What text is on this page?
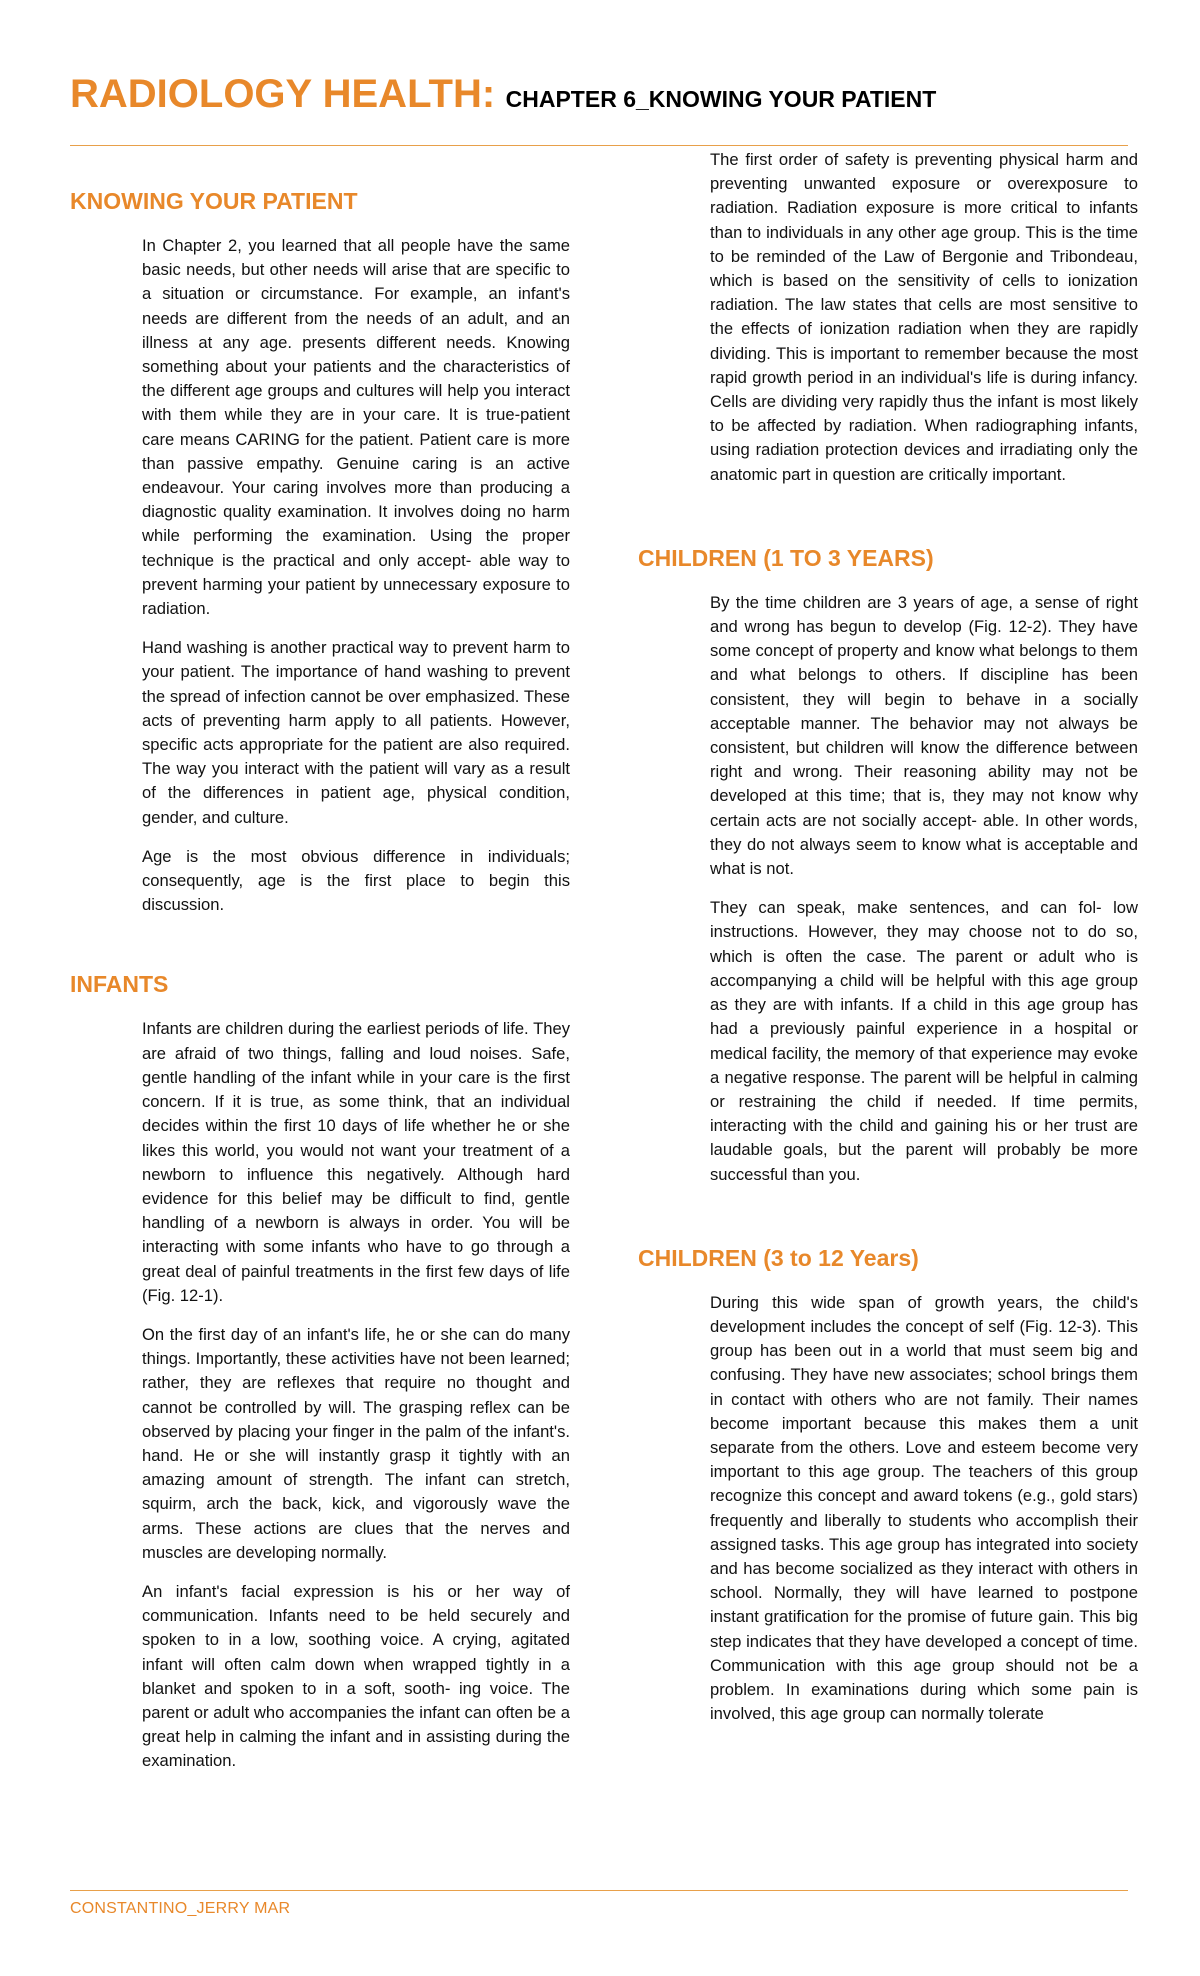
RADIOLOGY HEALTH: CHAPTER 6_KNOWING YOUR PATIENT
KNOWING YOUR PATIENT

In Chapter 2, you learned that all people have the same basic needs, but other needs will arise that are specific to a situation or circumstance. For example, an infant's needs are different from the needs of an adult, and an illness at any age. presents different needs. Knowing something about your patients and the characteristics of the different age groups and cultures will help you interact with them while they are in your care. It is true-patient care means CARING for the patient. Patient care is more than passive empathy. Genuine caring is an active endeavour. Your caring involves more than producing a diagnostic quality examination. It involves doing no harm while performing the examination. Using the proper technique is the practical and only accept- able way to prevent harming your patient by unnecessary exposure to radiation.

Hand washing is another practical way to prevent harm to your patient. The importance of hand washing to prevent the spread of infection cannot be over emphasized. These acts of preventing harm apply to all patients. However, specific acts appropriate for the patient are also required. The way you interact with the patient will vary as a result of the differences in patient age, physical condition, gender, and culture.

Age is the most obvious difference in individuals; consequently, age is the first place to begin this discussion.

INFANTS

Infants are children during the earliest periods of life. They are afraid of two things, falling and loud noises. Safe, gentle handling of the infant while in your care is the first concern. If it is true, as some think, that an individual decides within the first 10 days of life whether he or she likes this world, you would not want your treatment of a newborn to influence this negatively. Although hard evidence for this belief may be difficult to find, gentle handling of a newborn is always in order. You will be interacting with some infants who have to go through a great deal of painful treatments in the first few days of life (Fig. 12-1).

On the first day of an infant's life, he or she can do many things. Importantly, these activities have not been learned; rather, they are reflexes that require no thought and cannot be controlled by will. The grasping reflex can be observed by placing your finger in the palm of the infant's. hand. He or she will instantly grasp it tightly with an amazing amount of strength. The infant can stretch, squirm, arch the back, kick, and vigorously wave the arms. These actions are clues that the nerves and muscles are developing normally.

An infant's facial expression is his or her way of communication. Infants need to be held securely and spoken to in a low, soothing voice. A crying, agitated infant will often calm down when wrapped tightly in a blanket and spoken to in a soft, sooth- ing voice. The parent or adult who accompanies the infant can often be a great help in calming the infant and in assisting during the examination.

The first order of safety is preventing physical harm and preventing unwanted exposure or overexposure to radiation. Radiation exposure is more critical to infants than to individuals in any other age group. This is the time to be reminded of the Law of Bergonie and Tribondeau, which is based on the sensitivity of cells to ionization radiation. The law states that cells are most sensitive to the effects of ionization radiation when they are rapidly dividing. This is important to remember because the most rapid growth period in an individual's life is during infancy. Cells are dividing very rapidly thus the infant is most likely to be affected by radiation. When radiographing infants, using radiation protection devices and irradiating only the anatomic part in question are critically important.

CHILDREN (1 TO 3 YEARS)

By the time children are 3 years of age, a sense of right and wrong has begun to develop (Fig. 12-2). They have some concept of property and know what belongs to them and what belongs to others. If discipline has been consistent, they will begin to behave in a socially acceptable manner. The behavior may not always be consistent, but children will know the difference between right and wrong. Their reasoning ability may not be developed at this time; that is, they may not know why certain acts are not socially accept- able. In other words, they do not always seem to know what is acceptable and what is not.

They can speak, make sentences, and can fol- low instructions. However, they may choose not to do so, which is often the case. The parent or adult who is accompanying a child will be helpful with this age group as they are with infants. If a child in this age group has had a previously painful experience in a hospital or medical facility, the memory of that experience may evoke a negative response. The parent will be helpful in calming or restraining the child if needed. If time permits, interacting with the child and gaining his or her trust are laudable goals, but the parent will probably be more successful than you.

CHILDREN (3 to 12 Years)

During this wide span of growth years, the child's development includes the concept of self (Fig. 12-3). This group has been out in a world that must seem big and confusing. They have new associates; school brings them in contact with others who are not family. Their names become important because this makes them a unit separate from the others. Love and esteem become very important to this age group. The teachers of this group recognize this concept and award tokens (e.g., gold stars) frequently and liberally to students who accomplish their assigned tasks. This age group has integrated into society and has become socialized as they interact with others in school. Normally, they will have learned to postpone instant gratification for the promise of future gain. This big step indicates that they have developed a concept of time. Communication with this age group should not be a problem. In examinations during which some pain is involved, this age group can normally tolerate

CONSTANTINO_JERRY MAR
